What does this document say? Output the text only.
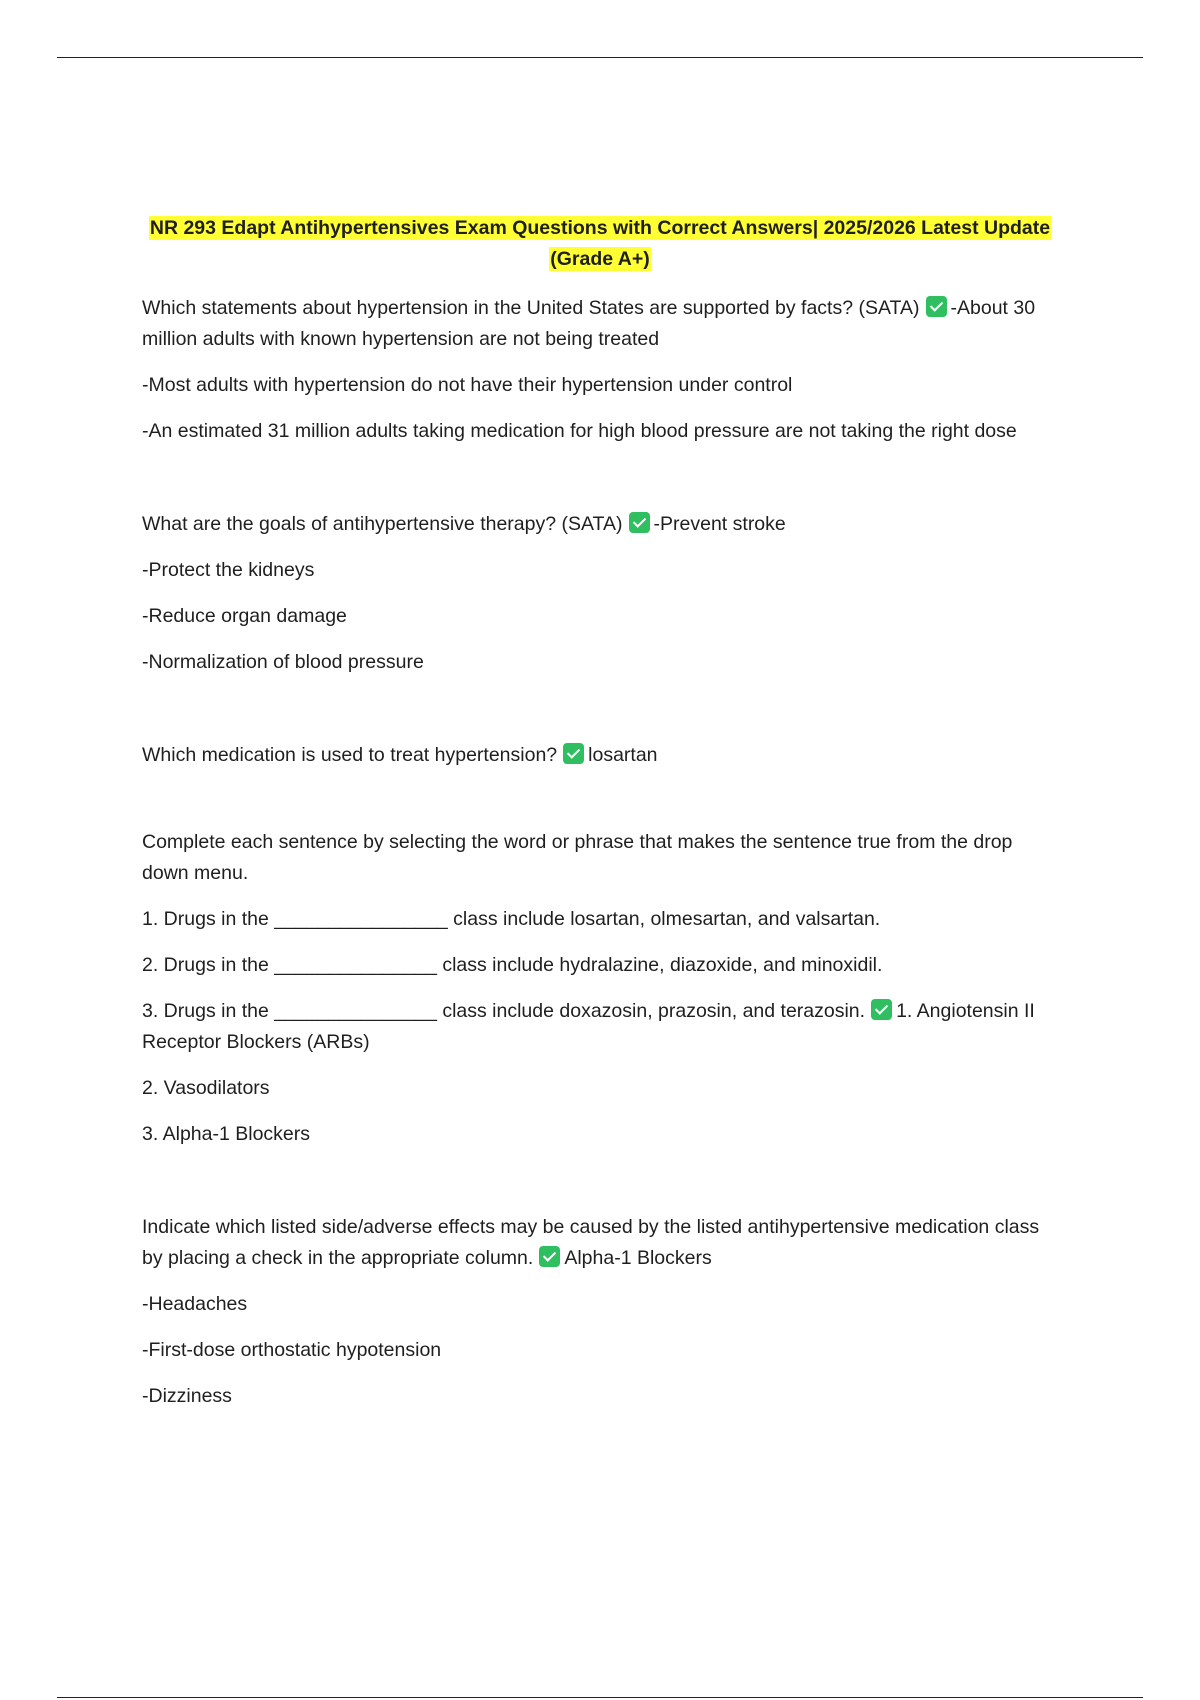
NR 293 Edapt Antihypertensives Exam Questions with Correct Answers| 2025/2026 Latest Update (Grade A+)

Which statements about hypertension in the United States are supported by facts? (SATA) -About 30 million adults with known hypertension are not being treated

-Most adults with hypertension do not have their hypertension under control

-An estimated 31 million adults taking medication for high blood pressure are not taking the right dose

What are the goals of antihypertensive therapy? (SATA) -Prevent stroke

-Protect the kidneys

-Reduce organ damage

-Normalization of blood pressure

Which medication is used to treat hypertension? losartan

Complete each sentence by selecting the word or phrase that makes the sentence true from the drop down menu.

1. Drugs in the ________________ class include losartan, olmesartan, and valsartan.

2. Drugs in the _______________ class include hydralazine, diazoxide, and minoxidil.

3. Drugs in the _______________ class include doxazosin, prazosin, and terazosin. 1. Angiotensin II Receptor Blockers (ARBs)

2. Vasodilators

3. Alpha-1 Blockers

Indicate which listed side/adverse effects may be caused by the listed antihypertensive medication class by placing a check in the appropriate column. Alpha-1 Blockers

-Headaches

-First-dose orthostatic hypotension

-Dizziness
